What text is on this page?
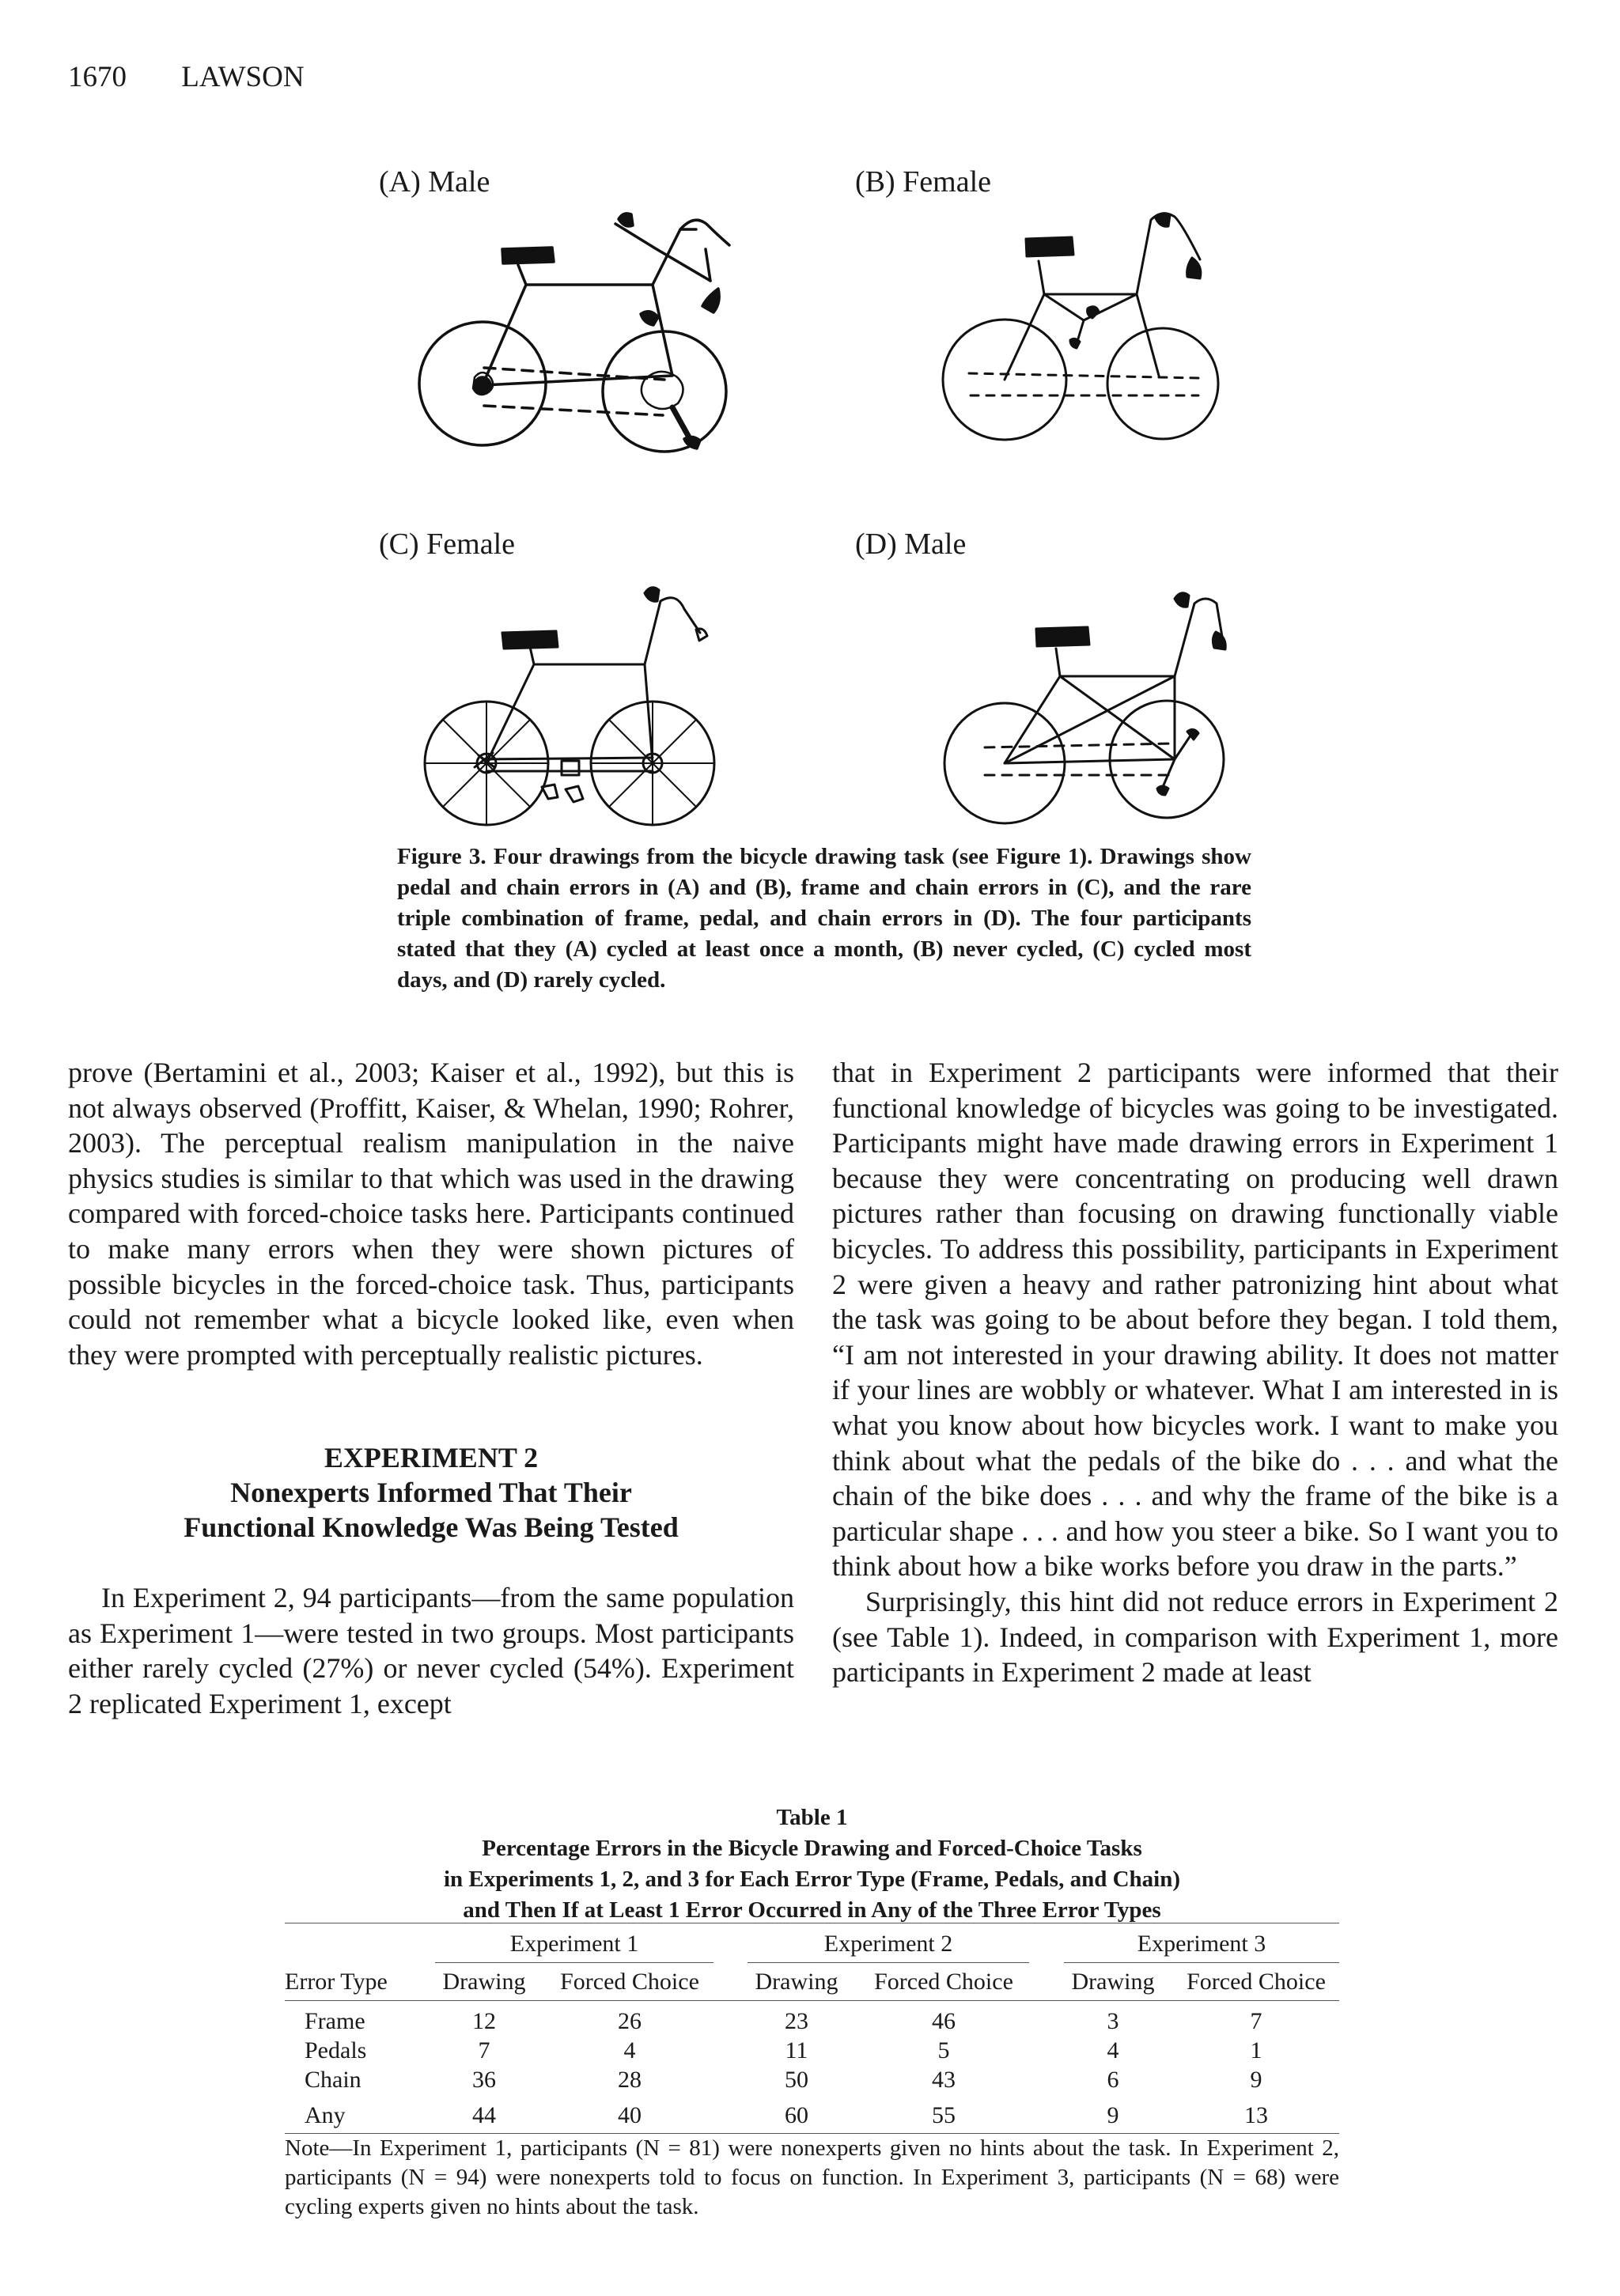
1670 LAWSON
(A) Male	(B) Female
(C) Female	(D) Male
Figure 3. Four drawings from the bicycle drawing task (see Figure 1). Drawings show pedal and chain errors in (A) and (B), frame and chain errors in (C), and the rare triple combination of frame, pedal, and chain errors in (D). The four participants stated that they (A) cycled at least once a month, (B) never cycled, (C) cycled most days, and (D) rarely cycled.

prove (Bertamini et al., 2003; Kaiser et al., 1992), but this is not always observed (Proffitt, Kaiser, & Whelan, 1990; Rohrer, 2003). The perceptual realism manipulation in the naive physics studies is similar to that which was used in the drawing compared with forced-choice tasks here. Participants continued to make many errors when they were shown pictures of possible bicycles in the forced-choice task. Thus, participants could not remember what a bicycle looked like, even when they were prompted with perceptually realistic pictures.

EXPERIMENT 2
Nonexperts Informed That Their
Functional Knowledge Was Being Tested

In Experiment 2, 94 participants—from the same population as Experiment 1—were tested in two groups. Most participants either rarely cycled (27%) or never cycled (54%). Experiment 2 replicated Experiment 1, except

that in Experiment 2 participants were informed that their functional knowledge of bicycles was going to be investigated. Participants might have made drawing errors in Experiment 1 because they were concentrating on producing well drawn pictures rather than focusing on drawing functionally viable bicycles. To address this possibility, participants in Experiment 2 were given a heavy and rather patronizing hint about what the task was going to be about before they began. I told them, “I am not interested in your drawing ability. It does not matter if your lines are wobbly or whatever. What I am interested in is what you know about how bicycles work. I want to make you think about what the pedals of the bike do . . . and what the chain of the bike does . . . and why the frame of the bike is a particular shape . . . and how you steer a bike. So I want you to think about how a bike works before you draw in the parts.”

Surprisingly, this hint did not reduce errors in Experiment 2 (see Table 1). Indeed, in comparison with Experiment 1, more participants in Experiment 2 made at least

Table 1
Percentage Errors in the Bicycle Drawing and Forced-Choice Tasks
in Experiments 1, 2, and 3 for Each Error Type (Frame, Pedals, and Chain)
and Then If at Least 1 Error Occurred in Any of the Three Error Types
Experiment 1	Experiment 2	Experiment 3
Error Type	Drawing	Forced Choice	Drawing	Forced Choice	Drawing	Forced Choice
Frame	12	26	23	46	3	7
Pedals	7	4	11	5	4	1
Chain	36	28	50	43	6	9
Any	44	40	60	55	9	13
Note—In Experiment 1, participants (N = 81) were nonexperts given no hints about the task. In Experiment 2, participants (N = 94) were nonexperts told to focus on function. In Experiment 3, participants (N = 68) were cycling experts given no hints about the task.
